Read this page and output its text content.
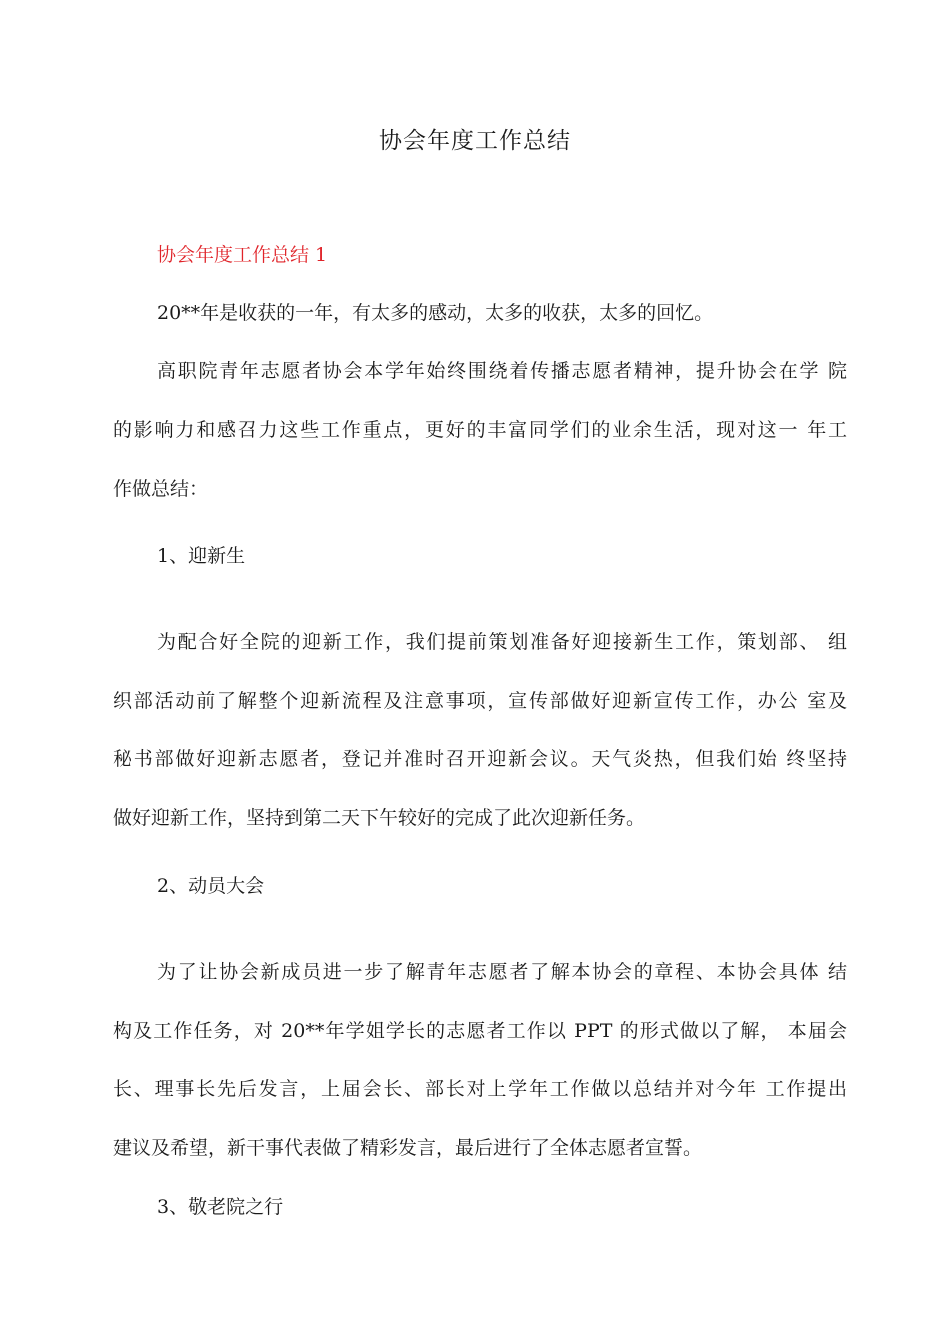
协会年度工作总结
协会年度工作总结 1
20**年是收获的一年，有太多的感动，太多的收获，太多的回忆。
高职院青年志愿者协会本学年始终围绕着传播志愿者精神，提升协会在学 院
的影响力和感召力这些工作重点，更好的丰富同学们的业余生活，现对这一 年工
作做总结：
1、迎新生
为配合好全院的迎新工作，我们提前策划准备好迎接新生工作，策划部、 组
织部活动前了解整个迎新流程及注意事项，宣传部做好迎新宣传工作，办公 室及
秘书部做好迎新志愿者，登记并准时召开迎新会议。天气炎热，但我们始 终坚持
做好迎新工作，坚持到第二天下午较好的完成了此次迎新任务。
2、动员大会
为了让协会新成员进一步了解青年志愿者了解本协会的章程、本协会具体 结
构及工作任务，对 20**年学姐学长的志愿者工作以 PPT 的形式做以了解， 本届会
长、理事长先后发言，上届会长、部长对上学年工作做以总结并对今年 工作提出
建议及希望，新干事代表做了精彩发言，最后进行了全体志愿者宣誓。
3、敬老院之行
